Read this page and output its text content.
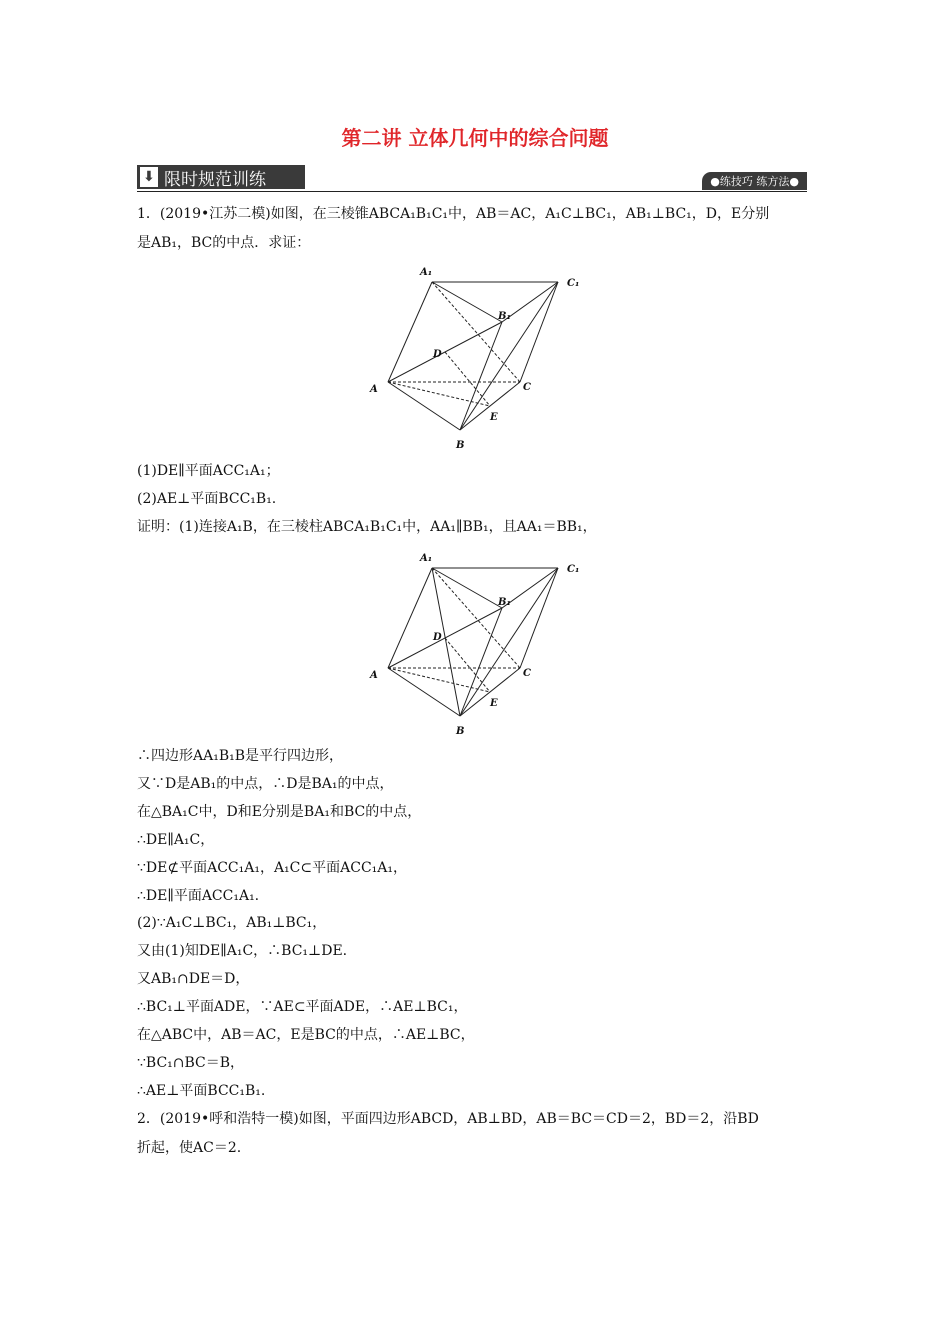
第二讲 立体几何中的综合问题
⬇ 限时规范训练	●练技巧 练方法●
1．(2019•江苏二模)如图，在三棱锥ABCA₁B₁C₁中，AB＝AC，A₁C⊥BC₁，AB₁⊥BC₁，D，E分别
是AB₁，BC的中点．求证：
A₁
C₁
B₁
D
A	C
E
B
(1)DE∥平面ACC₁A₁；
(2)AE⊥平面BCC₁B₁.
证明：(1)连接A₁B，在三棱柱ABCA₁B₁C₁中，AA₁∥BB₁，且AA₁＝BB₁，
A₁
C₁
B₁
D
A	C
E
B
∴四边形AA₁B₁B是平行四边形，
又∵D是AB₁的中点，∴D是BA₁的中点，
在△BA₁C中，D和E分别是BA₁和BC的中点，
∴DE∥A₁C，
∵DE⊄平面ACC₁A₁，A₁C⊂平面ACC₁A₁，
∴DE∥平面ACC₁A₁.
(2)∵A₁C⊥BC₁，AB₁⊥BC₁，
又由(1)知DE∥A₁C，∴BC₁⊥DE.
又AB₁∩DE＝D，
∴BC₁⊥平面ADE，∵AE⊂平面ADE，∴AE⊥BC₁，
在△ABC中，AB＝AC，E是BC的中点，∴AE⊥BC，
∵BC₁∩BC＝B，
∴AE⊥平面BCC₁B₁.
2．(2019•呼和浩特一模)如图，平面四边形ABCD，AB⊥BD，AB＝BC＝CD＝2，BD＝2，沿BD
折起，使AC＝2.
